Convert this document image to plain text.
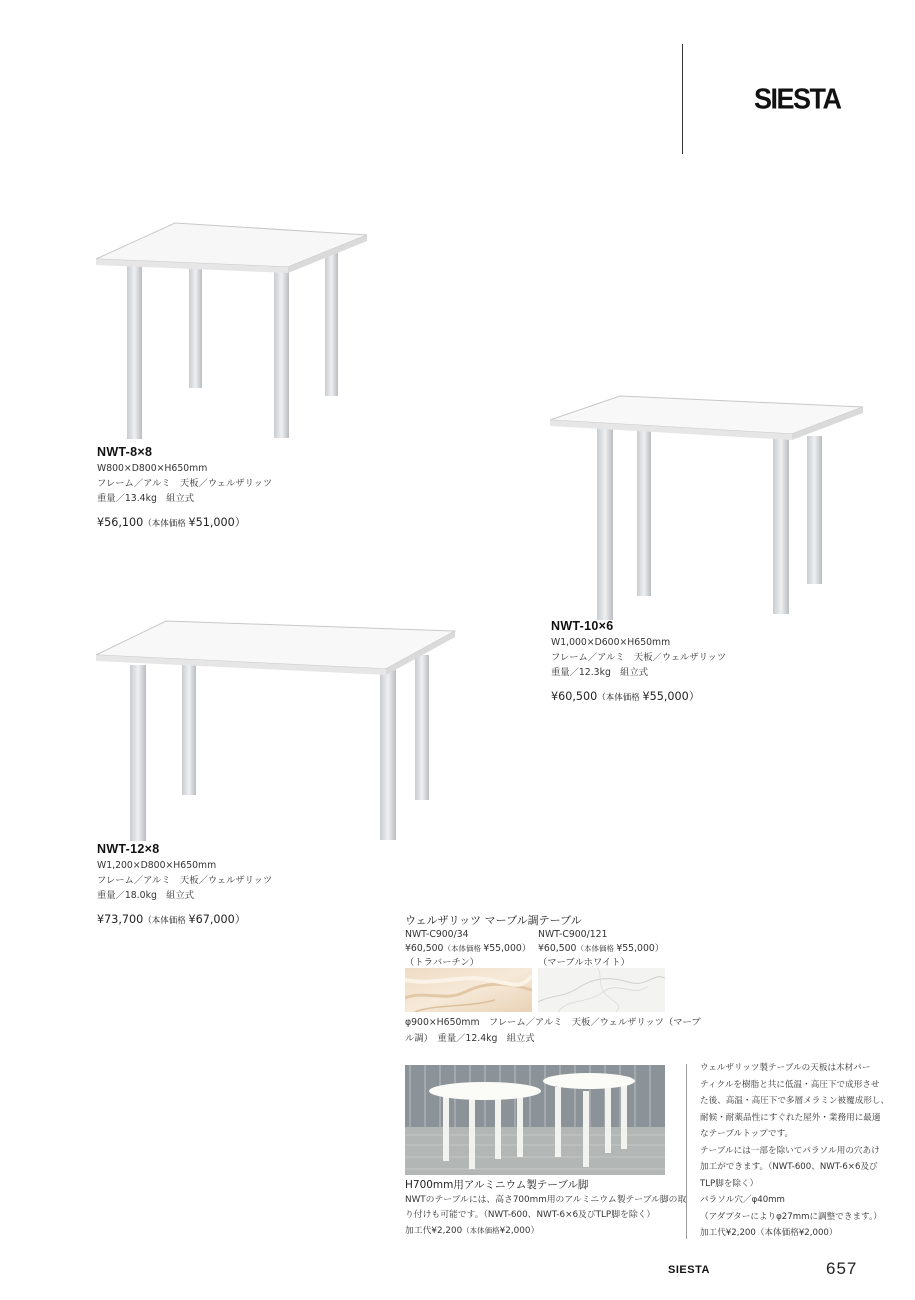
SIESTA
NWT-8×8
W800×D800×H650mm
フレーム／アルミ　天板／ウェルザリッツ
重量／13.4kg　組立式
¥56,100（本体価格 ¥51,000）
NWT-10×6
W1,000×D600×H650mm
フレーム／アルミ　天板／ウェルザリッツ
重量／12.3kg　組立式
¥60,500（本体価格 ¥55,000）
NWT-12×8
W1,200×D800×H650mm
フレーム／アルミ　天板／ウェルザリッツ
重量／18.0kg　組立式
¥73,700（本体価格 ¥67,000）	ウェルザリッツ マーブル調テーブル
NWT-C900/34
¥60,500（本体価格 ¥55,000）
（トラバーチン）
NWT-C900/121
¥60,500（本体価格 ¥55,000）
（マーブルホワイト）
φ900×H650mm　フレーム／アルミ　天板／ウェルザリッツ（マーブ
ル調）　重量／12.4kg　組立式
H700mm用アルミニウム製テーブル脚
NWTのテーブルには、高さ700mm用のアルミニウム製テーブル脚の取
り付けも可能です。（NWT-600、NWT-6×6及びTLP脚を除く）
加工代¥2,200（本体価格¥2,000）
ウェルザリッツ製テーブルの天板は木材パー
ティクルを樹脂と共に低温・高圧下で成形させ
た後、高温・高圧下で多層メラミン被覆成形し、
耐候・耐薬品性にすぐれた屋外・業務用に最適
なテーブルトップです。
テーブルには一部を除いてパラソル用の穴あけ
加工ができます。（NWT-600、NWT-6×6及び
TLP脚を除く）
パラソル穴／φ40mm
（アダプターによりφ27mmに調整できます。）
加工代¥2,200（本体価格¥2,000）
SIESTA	657
